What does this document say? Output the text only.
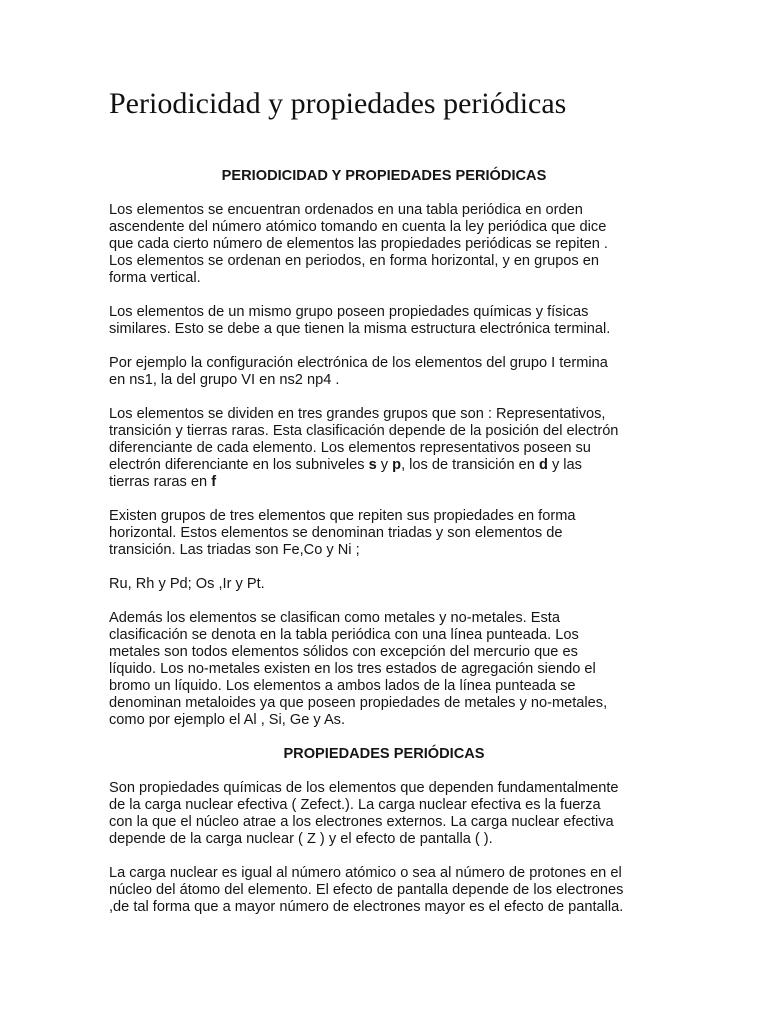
Periodicidad y propiedades periódicas
PERIODICIDAD Y PROPIEDADES PERIÓDICAS

Los elementos se encuentran ordenados en una tabla periódica en orden
ascendente del número atómico tomando en cuenta la ley periódica que dice
que cada cierto número de elementos las propiedades periódicas se repiten .
Los elementos se ordenan en periodos, en forma horizontal, y en grupos en
forma vertical.

Los elementos de un mismo grupo poseen propiedades químicas y físicas
similares. Esto se debe a que tienen la misma estructura electrónica terminal.

Por ejemplo la configuración electrónica de los elementos del grupo I termina
en ns1, la del grupo VI en ns2 np4 .

Los elementos se dividen en tres grandes grupos que son : Representativos,
transición y tierras raras. Esta clasificación depende de la posición del electrón
diferenciante de cada elemento. Los elementos representativos poseen su
electrón diferenciante en los subniveles s y p, los de transición en d y las
tierras raras en f

Existen grupos de tres elementos que repiten sus propiedades en forma
horizontal. Estos elementos se denominan triadas y son elementos de
transición. Las triadas son Fe,Co y Ni ;

Ru, Rh y Pd; Os ,Ir y Pt.

Además los elementos se clasifican como metales y no-metales. Esta
clasificación se denota en la tabla periódica con una línea punteada. Los
metales son todos elementos sólidos con excepción del mercurio que es
líquido. Los no-metales existen en los tres estados de agregación siendo el
bromo un líquido. Los elementos a ambos lados de la línea punteada se
denominan metaloides ya que poseen propiedades de metales y no-metales,
como por ejemplo el Al , Si, Ge y As.

PROPIEDADES PERIÓDICAS

Son propiedades químicas de los elementos que dependen fundamentalmente
de la carga nuclear efectiva ( Zefect.). La carga nuclear efectiva es la fuerza
con la que el núcleo atrae a los electrones externos. La carga nuclear efectiva
depende de la carga nuclear ( Z ) y el efecto de pantalla ( ).

La carga nuclear es igual al número atómico o sea al número de protones en el
núcleo del átomo del elemento. El efecto de pantalla depende de los electrones
,de tal forma que a mayor número de electrones mayor es el efecto de pantalla.
